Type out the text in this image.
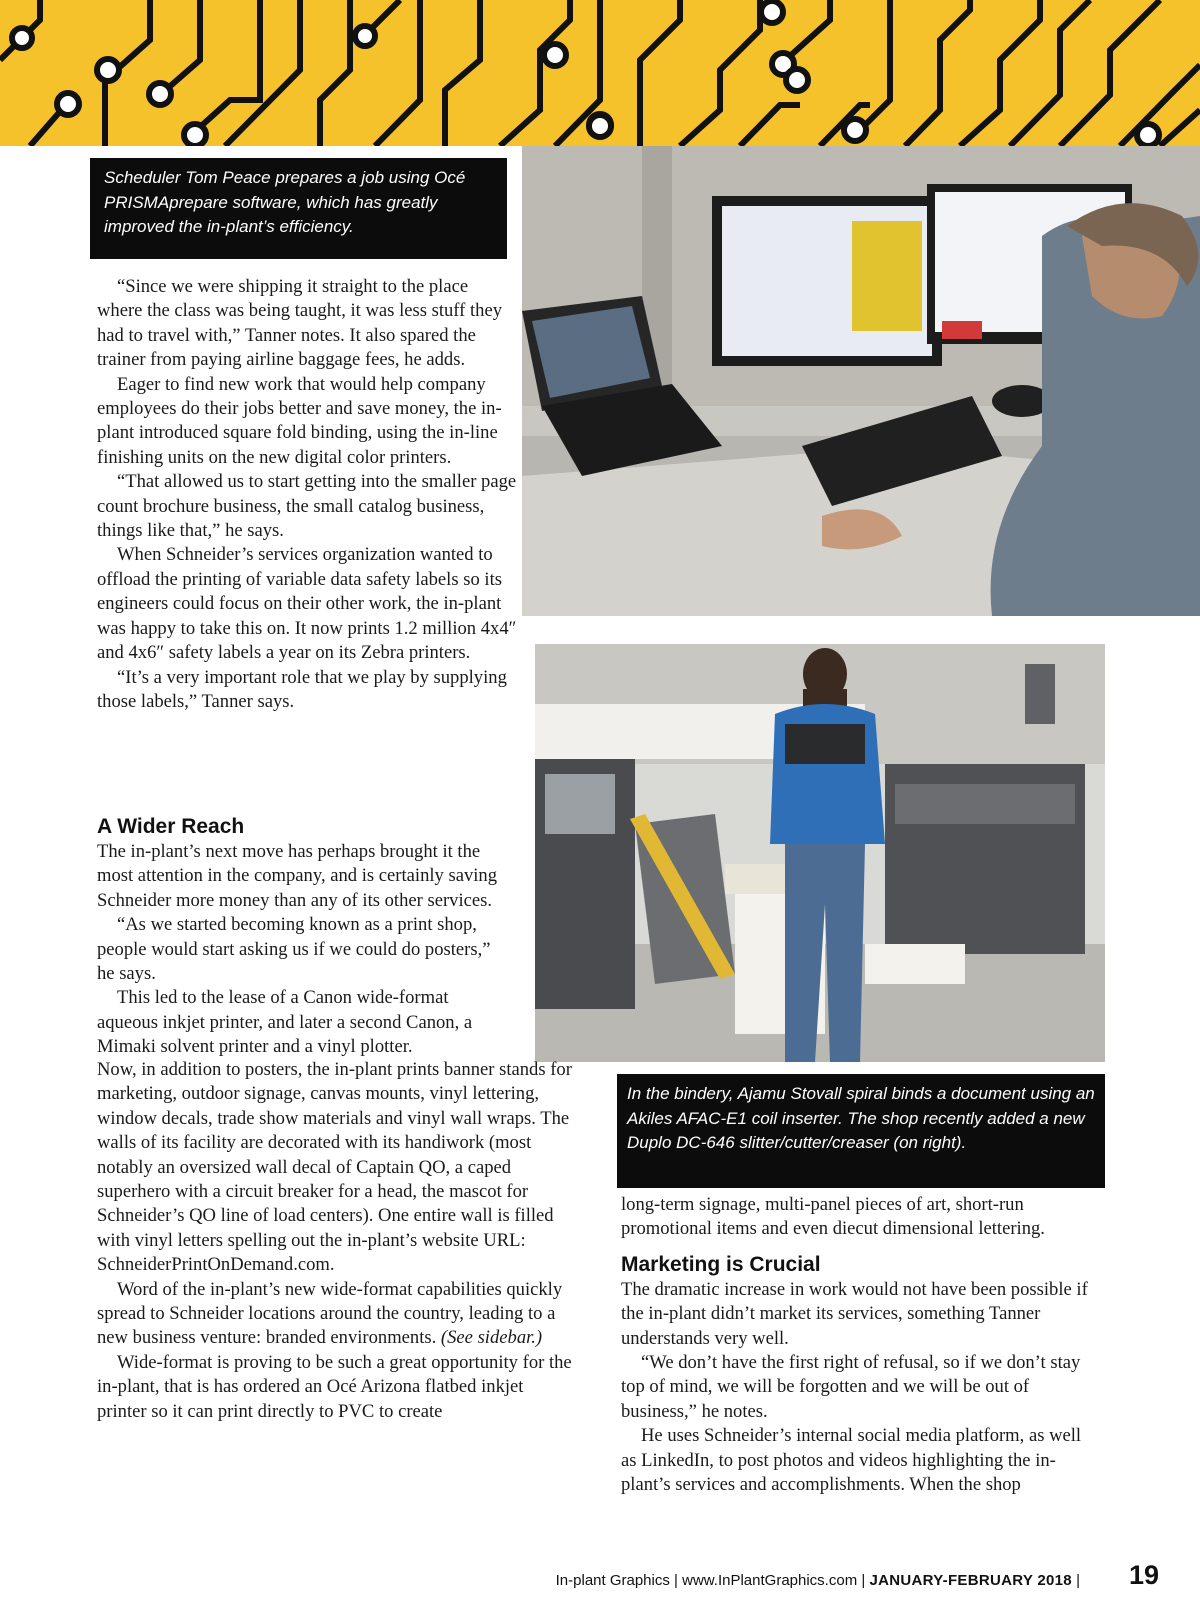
Scheduler Tom Peace prepares a job using Océ PRISMAprepare software, which has greatly improved the in-plant’s efficiency.
In the bindery, Ajamu Stovall spiral binds a document using an Akiles AFAC-E1 coil inserter. The shop recently added a new Duplo DC-646 slitter/cutter/creaser (on right).

“Since we were shipping it straight to the place where the class was being taught, it was less stuff they had to travel with,” Tanner notes. It also spared the trainer from paying airline baggage fees, he adds.

Eager to find new work that would help company employees do their jobs better and save money, the in-plant introduced square fold binding, using the in-line finishing units on the new digital color printers.

“That allowed us to start getting into the smaller page count brochure business, the small catalog business, things like that,” he says.

When Schneider’s services organization wanted to offload the printing of variable data safety labels so its engineers could focus on their other work, the in-plant was happy to take this on. It now prints 1.2 million 4x4″ and 4x6″ safety labels a year on its Zebra printers.

“It’s a very important role that we play by supplying those labels,” Tanner says.

A Wider Reach

The in-plant’s next move has perhaps brought it the most attention in the company, and is certainly saving Schneider more money than any of its other services.

“As we started becoming known as a print shop, people would start asking us if we could do posters,” he says.

This led to the lease of a Canon wide-format aqueous inkjet printer, and later a second Canon, a Mimaki solvent printer and a vinyl plotter.

Now, in addition to posters, the in-plant prints banner stands for marketing, outdoor signage, canvas mounts, vinyl lettering, window decals, trade show materials and vinyl wall wraps. The walls of its facility are decorated with its handiwork (most notably an oversized wall decal of Captain QO, a caped superhero with a circuit breaker for a head, the mascot for Schneider’s QO line of load centers). One entire wall is filled with vinyl letters spelling out the in-plant’s website URL: SchneiderPrintOnDemand.com.

Word of the in-plant’s new wide-format capabilities quickly spread to Schneider locations around the country, leading to a new business venture: branded environments. (See sidebar.)

Wide-format is proving to be such a great opportunity for the in-plant, that is has ordered an Océ Arizona flatbed inkjet printer so it can print directly to PVC to create

long-term signage, multi-panel pieces of art, short-run promotional items and even diecut dimensional lettering.

Marketing is Crucial

The dramatic increase in work would not have been possible if the in-plant didn’t market its services, something Tanner understands very well.

“We don’t have the first right of refusal, so if we don’t stay top of mind, we will be forgotten and we will be out of business,” he notes.

He uses Schneider’s internal social media platform, as well as LinkedIn, to post photos and videos highlighting the in-plant’s services and accomplishments. When the shop

In-plant Graphics | www.InPlantGraphics.com | JANUARY-FEBRUARY 2018 | 19
